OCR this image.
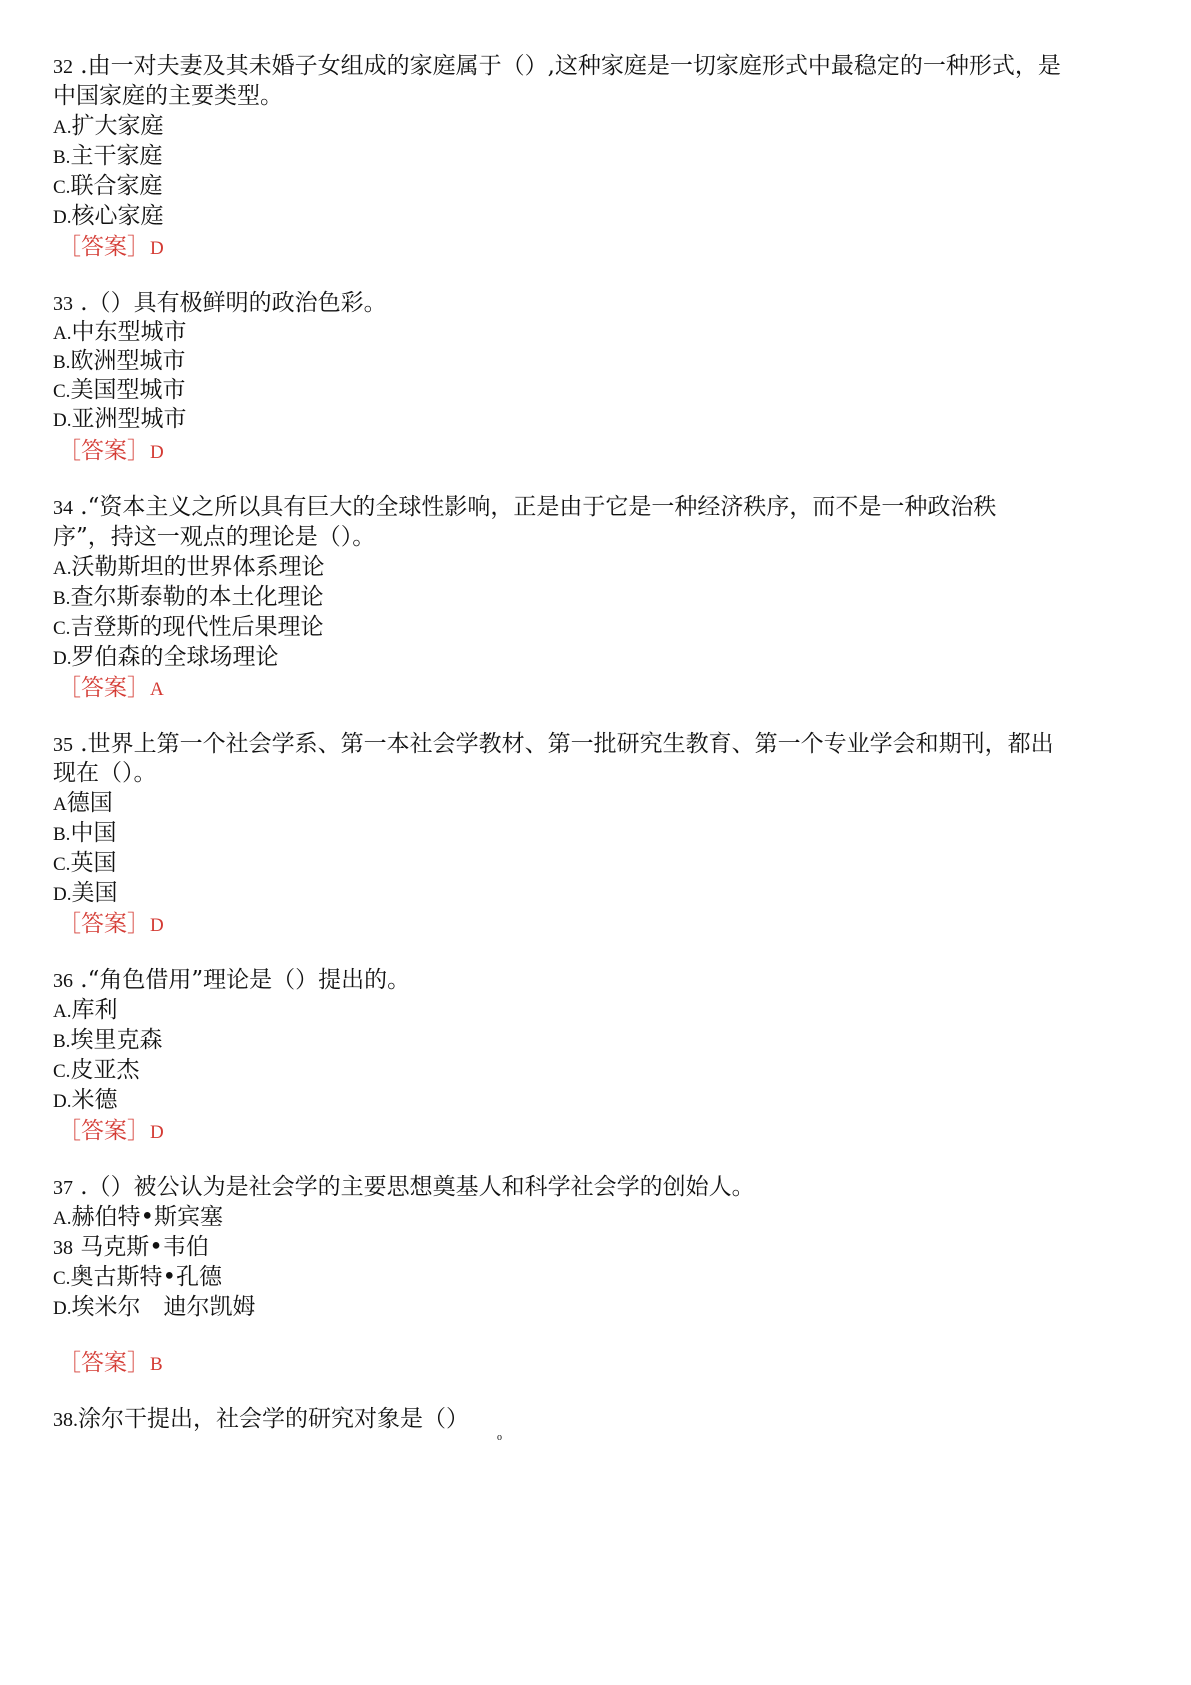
32 .由一对夫妻及其未婚子女组成的家庭属于（）,这种家庭是一切家庭形式中最稳定的一种形式，是
中国家庭的主要类型。
A.扩大家庭
B.主干家庭
C.联合家庭
D.核心家庭
［答案］D
33 .（）具有极鲜明的政治色彩。
A.中东型城市
B.欧洲型城市
C.美国型城市
D.亚洲型城市
［答案］D
34 .“资本主义之所以具有巨大的全球性影响，正是由于它是一种经济秩序，而不是一种政治秩
序”，持这一观点的理论是（）。
A.沃勒斯坦的世界体系理论
B.查尔斯泰勒的本土化理论
C.吉登斯的现代性后果理论
D.罗伯森的全球场理论
［答案］A
35 .世界上第一个社会学系、第一本社会学教材、第一批研究生教育、第一个专业学会和期刊，都出
现在（）。
A德国
B.中国
C.英国
D.美国
［答案］D
36 .“角色借用”理论是（）提出的。
A.库利
B.埃里克森
C.皮亚杰
D.米德
［答案］D
37 .（）被公认为是社会学的主要思想奠基人和科学社会学的创始人。
A.赫伯特•斯宾塞
38 马克斯•韦伯
C.奥古斯特•孔德
D.埃米尔　迪尔凯姆
［答案］B
38.涂尔干提出，社会学的研究对象是（）
o
